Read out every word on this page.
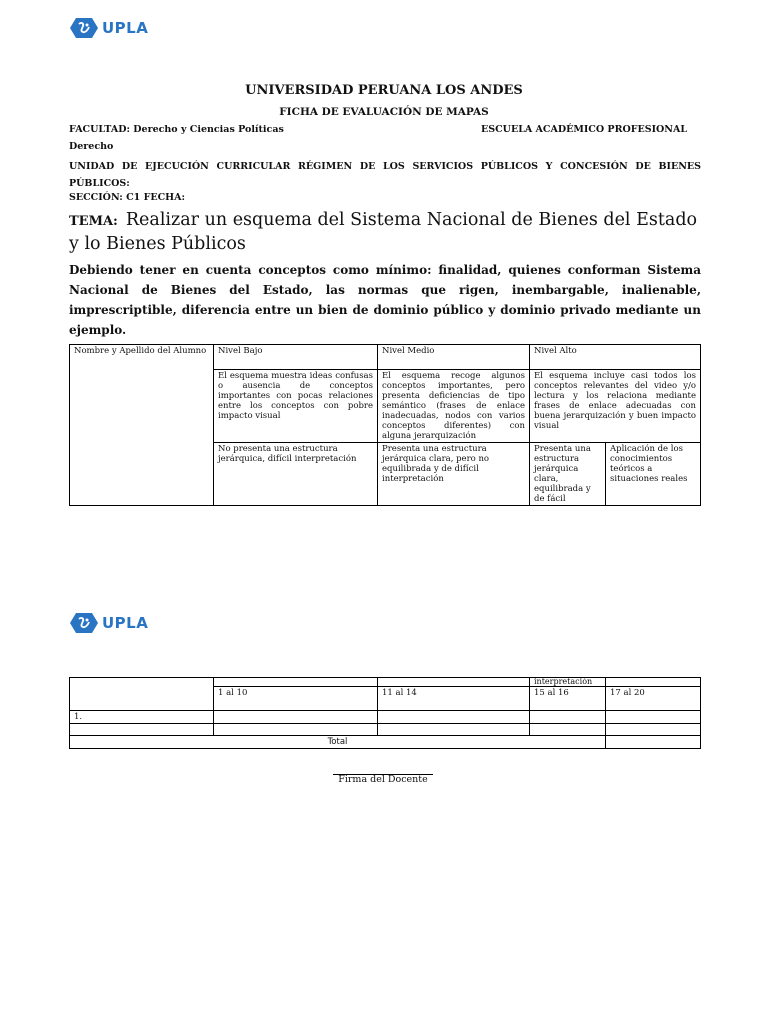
UPLA
UNIVERSIDAD PERUANA LOS ANDES
FICHA DE EVALUACIÓN DE MAPAS
FACULTAD: Derecho y Ciencias Políticas	ESCUELA ACADÉMICO PROFESIONAL
Derecho
UNIDAD DE EJECUCIÓN CURRICULAR RÉGIMEN DE LOS SERVICIOS PÚBLICOS Y CONCESIÓN DE BIENES PÚBLICOS:
SECCIÓN: C1 FECHA:
TEMA: Realizar un esquema del Sistema Nacional de Bienes del Estado y lo Bienes Públicos
Debiendo tener en cuenta conceptos como mínimo: finalidad, quienes conforman Sistema Nacional de Bienes del Estado, las normas que rigen, inembargable, inalienable, imprescriptible, diferencia entre un bien de dominio público y dominio privado mediante un ejemplo.
Nombre y Apellido del Alumno	Nivel Bajo	Nivel Medio	Nivel Alto	
	El esquema muestra ideas confusas o ausencia de conceptos importantes con pocas relaciones entre los conceptos con pobre impacto visual	El esquema recoge algunos conceptos importantes, pero presenta deficiencias de tipo semántico (frases de enlace inadecuadas, nodos con varios conceptos diferentes) con alguna jerarquización	El esquema incluye casi todos los conceptos relevantes del video y/o lectura y los relaciona mediante frases de enlace adecuadas con buena jerarquización y buen impacto visual	
	No presenta una estructura jerárquica, difícil interpretación	Presenta una estructura jerárquica clara, pero no equilibrada y de difícil interpretación	Presenta una estructura jerárquica clara, equilibrada y de fácil	Aplicación de los conocimientos teóricos a situaciones reales
UPLA
			interpretación	
	1 al 10	11 al 14	15 al 16	17 al 20
1.				

Total				
Firma del Docente
